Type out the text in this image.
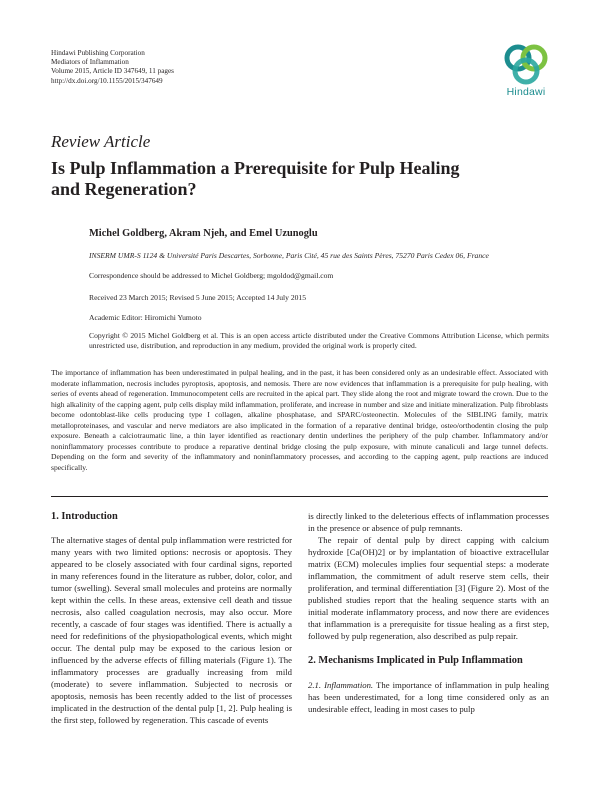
Hindawi Publishing Corporation
Mediators of Inflammation
Volume 2015, Article ID 347649, 11 pages
http://dx.doi.org/10.1155/2015/347649
Hindawi
Review Article
Is Pulp Inflammation a Prerequisite for Pulp Healing and Regeneration?
Michel Goldberg, Akram Njeh, and Emel Uzunoglu
INSERM UMR-S 1124 & Université Paris Descartes, Sorbonne, Paris Cité, 45 rue des Saints Pères, 75270 Paris Cedex 06, France
Correspondence should be addressed to Michel Goldberg; mgoldod@gmail.com
Received 23 March 2015; Revised 5 June 2015; Accepted 14 July 2015
Academic Editor: Hiromichi Yumoto
Copyright © 2015 Michel Goldberg et al. This is an open access article distributed under the Creative Commons Attribution License, which permits unrestricted use, distribution, and reproduction in any medium, provided the original work is properly cited.
The importance of inflammation has been underestimated in pulpal healing, and in the past, it has been considered only as an undesirable effect. Associated with moderate inflammation, necrosis includes pyroptosis, apoptosis, and nemosis. There are now evidences that inflammation is a prerequisite for pulp healing, with series of events ahead of regeneration. Immunocompetent cells are recruited in the apical part. They slide along the root and migrate toward the crown. Due to the high alkalinity of the capping agent, pulp cells display mild inflammation, proliferate, and increase in number and size and initiate mineralization. Pulp fibroblasts become odontoblast-like cells producing type I collagen, alkaline phosphatase, and SPARC/osteonectin. Molecules of the SIBLING family, matrix metalloproteinases, and vascular and nerve mediators are also implicated in the formation of a reparative dentinal bridge, osteo/orthodentin closing the pulp exposure. Beneath a calciotraumatic line, a thin layer identified as reactionary dentin underlines the periphery of the pulp chamber. Inflammatory and/or noninflammatory processes contribute to produce a reparative dentinal bridge closing the pulp exposure, with minute canaliculi and large tunnel defects. Depending on the form and severity of the inflammatory and noninflammatory processes, and according to the capping agent, pulp reactions are induced specifically.
1. Introduction

The alternative stages of dental pulp inflammation were restricted for many years with two limited options: necrosis or apoptosis. They appeared to be closely associated with four cardinal signs, reported in many references found in the literature as rubber, dolor, color, and tumor (swelling). Several small molecules and proteins are normally kept within the cells. In these areas, extensive cell death and tissue necrosis, also called coagulation necrosis, may also occur. More recently, a cascade of four stages was identified. There is actually a need for redefinitions of the physiopathological events, which might occur. The dental pulp may be exposed to the carious lesion or influenced by the adverse effects of filling materials (Figure 1). The inflammatory processes are gradually increasing from mild (moderate) to severe inflammation. Subjected to necrosis or apoptosis, nemosis has been recently added to the list of processes implicated in the destruction of the dental pulp [1, 2]. Pulp healing is the first step, followed by regeneration. This cascade of events

is directly linked to the deleterious effects of inflammation processes in the presence or absence of pulp remnants.

The repair of dental pulp by direct capping with calcium hydroxide [Ca(OH)2] or by implantation of bioactive extracellular matrix (ECM) molecules implies four sequential steps: a moderate inflammation, the commitment of adult reserve stem cells, their proliferation, and terminal differentiation [3] (Figure 2). Most of the published studies report that the healing sequence starts with an initial moderate inflammatory process, and now there are evidences that inflammation is a prerequisite for tissue healing as a first step, followed by pulp regeneration, also described as pulp repair.

2. Mechanisms Implicated in Pulp Inflammation

2.1. Inflammation. The importance of inflammation in pulp healing has been underestimated, for a long time considered only as an undesirable effect, leading in most cases to pulp
